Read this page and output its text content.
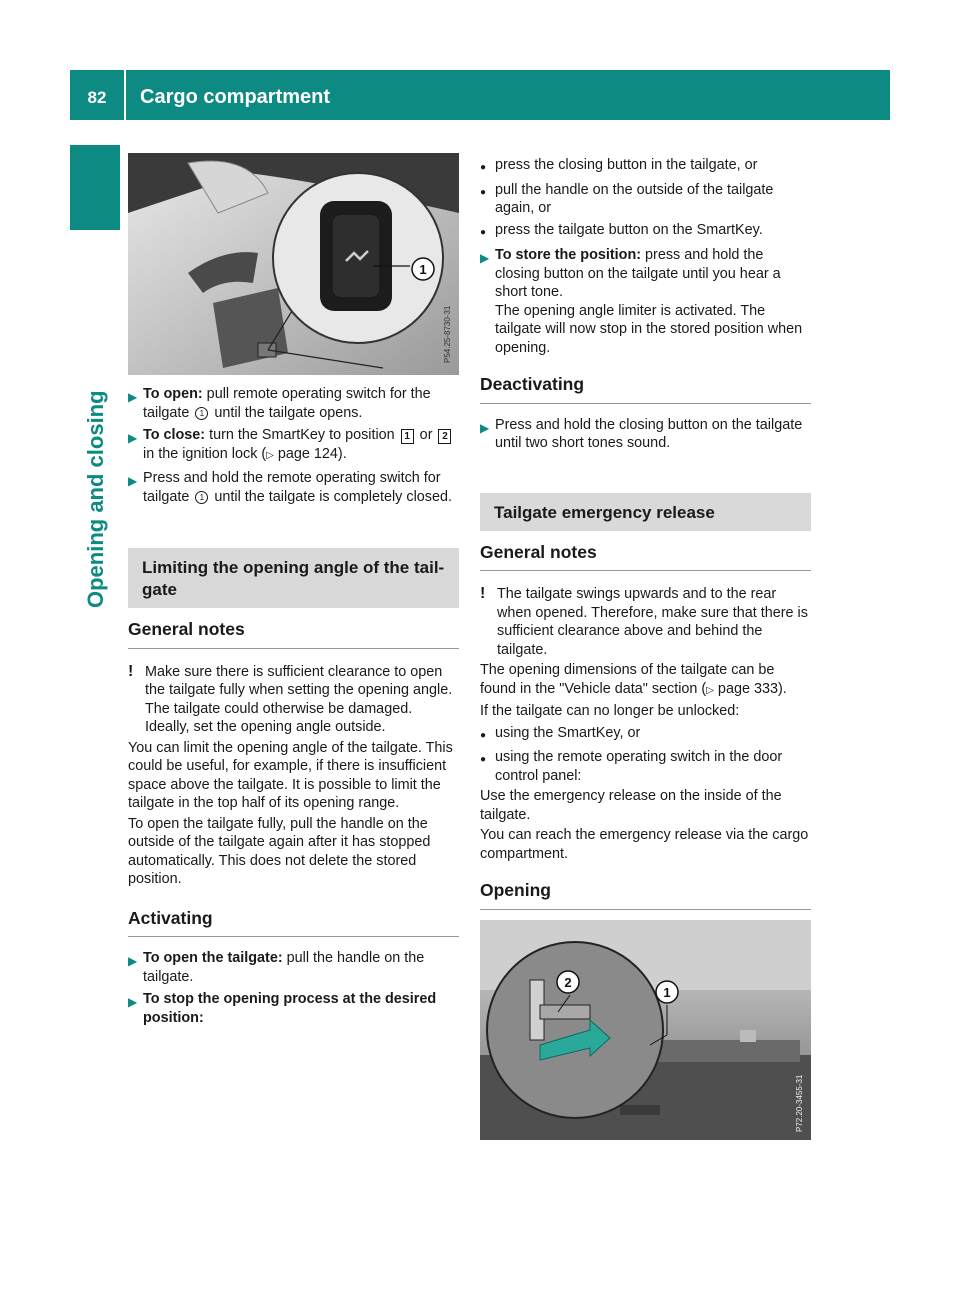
82	Cargo compartment
Opening and closing
1
P54.25-8730-31
▶ To open: pull remote operating switch for the tailgate 1 until the tailgate opens.
▶ To close: turn the SmartKey to position 1 or 2 in the ignition lock (▷ page 124).
▶ Press and hold the remote operating switch for tailgate 1 until the tailgate is completely closed.
Limiting the opening angle of the tail-
gate
General notes
! Make sure there is sufficient clearance to open the tailgate fully when setting the opening angle. The tailgate could otherwise be damaged. Ideally, set the opening angle outside.

You can limit the opening angle of the tailgate. This could be useful, for example, if there is insufficient space above the tailgate. It is possible to limit the tailgate in the top half of its opening range.

To open the tailgate fully, pull the handle on the outside of the tailgate again after it has stopped automatically. This does not delete the stored position.

Activating
▶ To open the tailgate: pull the handle on the tailgate.
▶ To stop the opening process at the desired position:
● press the closing button in the tailgate, or
● pull the handle on the outside of the tailgate again, or
● press the tailgate button on the SmartKey.
▶ To store the position: press and hold the closing button on the tailgate until you hear a short tone.
The opening angle limiter is activated. The tailgate will now stop in the stored position when opening.
Deactivating
▶ Press and hold the closing button on the tailgate until two short tones sound.
Tailgate emergency release
General notes
! The tailgate swings upwards and to the rear when opened. Therefore, make sure that there is sufficient clearance above and behind the tailgate.

The opening dimensions of the tailgate can be found in the "Vehicle data" section (▷ page 333).

If the tailgate can no longer be unlocked:

● using the SmartKey, or
● using the remote operating switch in the door control panel:

Use the emergency release on the inside of the tailgate.

You can reach the emergency release via the cargo compartment.

Opening
2
1
P72.20-3455-31
